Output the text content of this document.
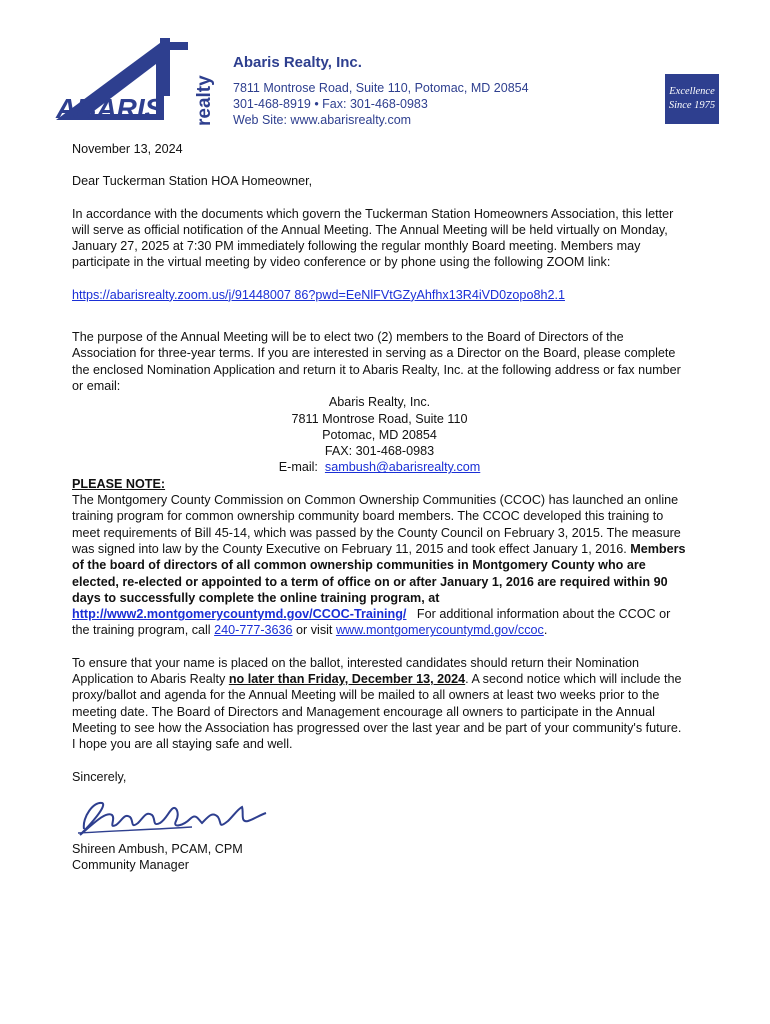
ABARIS realty
Abaris Realty, Inc.
7811 Montrose Road, Suite 110, Potomac, MD 20854
301-468-8919 • Fax: 301-468-0983
Web Site: www.abarisrealty.com
Excellence
Since 1975

November 13, 2024

Dear Tuckerman Station HOA Homeowner,

In accordance with the documents which govern the Tuckerman Station Homeowners Association, this letter will serve as official notification of the Annual Meeting. The Annual Meeting will be held virtually on Monday, January 27, 2025 at 7:30 PM immediately following the regular monthly Board meeting. Members may participate in the virtual meeting by video conference or by phone using the following ZOOM link:

https://abarisrealty.zoom.us/j/91448007 86?pwd=EeNlFVtGZyAhfhx13R4iVD0zopo8h2.1

The purpose of the Annual Meeting will be to elect two (2) members to the Board of Directors of the Association for three-year terms. If you are interested in serving as a Director on the Board, please complete the enclosed Nomination Application and return it to Abaris Realty, Inc. at the following address or fax number or email:

Abaris Realty, Inc.

7811 Montrose Road, Suite 110

Potomac, MD 20854

FAX: 301-468-0983

E-mail:  sambush@abarisrealty.com

PLEASE NOTE:

The Montgomery County Commission on Common Ownership Communities (CCOC) has launched an online training program for common ownership community board members. The CCOC developed this training to meet requirements of Bill 45-14, which was passed by the County Council on February 3, 2015. The measure was signed into law by the County Executive on February 11, 2015 and took effect January 1, 2016. Members of the board of directors of all common ownership communities in Montgomery County who are elected, re-elected or appointed to a term of office on or after January 1, 2016 are required within 90 days to successfully complete the online training program, at http://www2.montgomerycountymd.gov/CCOC-Training/   For additional information about the CCOC or the training program, call 240-777-3636 or visit www.montgomerycountymd.gov/ccoc.

To ensure that your name is placed on the ballot, interested candidates should return their Nomination Application to Abaris Realty no later than Friday, December 13, 2024. A second notice which will include the proxy/ballot and agenda for the Annual Meeting will be mailed to all owners at least two weeks prior to the meeting date. The Board of Directors and Management encourage all owners to participate in the Annual Meeting to see how the Association has progressed over the last year and be part of your community's future. I hope you are all staying safe and well.

Sincerely,

Shireen Ambush, PCAM, CPM

Community Manager
